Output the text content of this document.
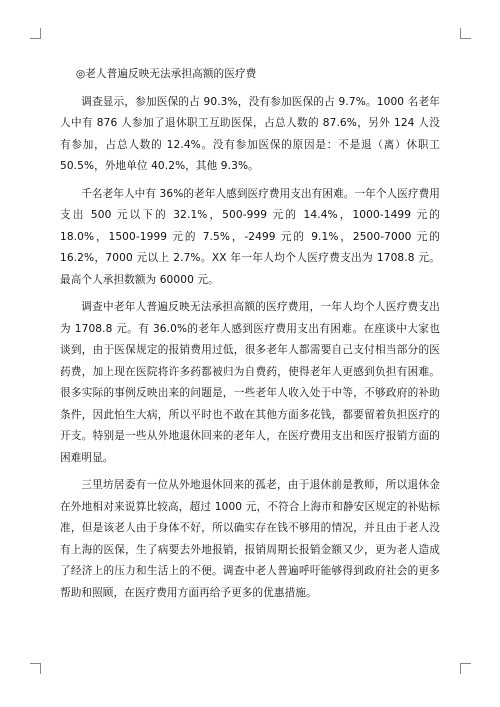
◎老人普遍反映无法承担高额的医疗费

调查显示，参加医保的占 90.3%，没有参加医保的占 9.7%。1000 名老年人中有 876 人参加了退休职工互助医保，占总人数的 87.6%，另外 124 人没有参加，占总人数的 12.4%。没有参加医保的原因是：不是退（离）休职工 50.5%，外地单位 40.2%，其他 9.3%。

千名老年人中有 36%的老年人感到医疗费用支出有困难。一年个人医疗费用支出 500 元以下的 32.1%，500-999 元的 14.4%，1000-1499 元的 18.0%，1500-1999 元的 7.5%，-2499 元的 9.1%，2500-7000 元的 16.2%，7000 元以上 2.7%。XX 年一年人均个人医疗费支出为 1708.8 元。最高个人承担数额为 60000 元。

调查中老年人普遍反映无法承担高额的医疗费用，一年人均个人医疗费支出为 1708.8 元。有 36.0%的老年人感到医疗费用支出有困难。在座谈中大家也谈到，由于医保规定的报销费用过低，很多老年人都需要自己支付相当部分的医药费，加上现在医院将许多药都被归为自费药，使得老年人更感到负担有困难。很多实际的事例反映出来的问题是，一些老年人收入处于中等，不够政府的补助条件，因此怕生大病，所以平时也不敢在其他方面多花钱，都要留着负担医疗的开支。特别是一些从外地退休回来的老年人，在医疗费用支出和医疗报销方面的困难明显。

三里坊居委有一位从外地退休回来的孤老，由于退休前是教师，所以退休金在外地相对来说算比较高，超过 1000 元，不符合上海市和静安区规定的补贴标准，但是该老人由于身体不好，所以确实存在钱不够用的情况，并且由于老人没有上海的医保，生了病要去外地报销，报销周期长报销金额又少，更为老人造成了经济上的压力和生活上的不便。调查中老人普遍呼吁能够得到政府社会的更多帮助和照顾，在医疗费用方面再给予更多的优惠措施。
